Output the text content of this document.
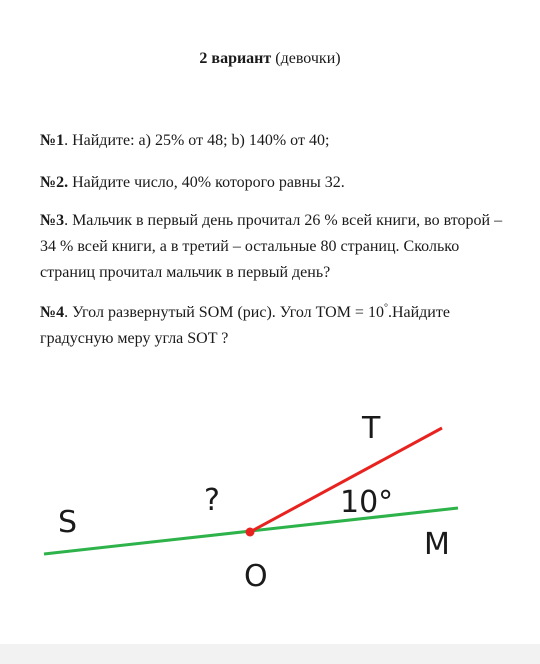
2 вариант (девочки)
№1. Найдите: а) 25% от 48; b) 140% от 40;
№2. Найдите число, 40% которого равны 32.
№3. Мальчик в первый день прочитал 26 % всей книги, во второй – 34 % всей книги, а в третий – остальные 80 страниц. Сколько страниц прочитал мальчик в первый день?
№4. Угол развернутый SOM (рис). Угол TOM = 10°.Найдите градусную меру угла SOT ?
T
?	10°
S
M
O
